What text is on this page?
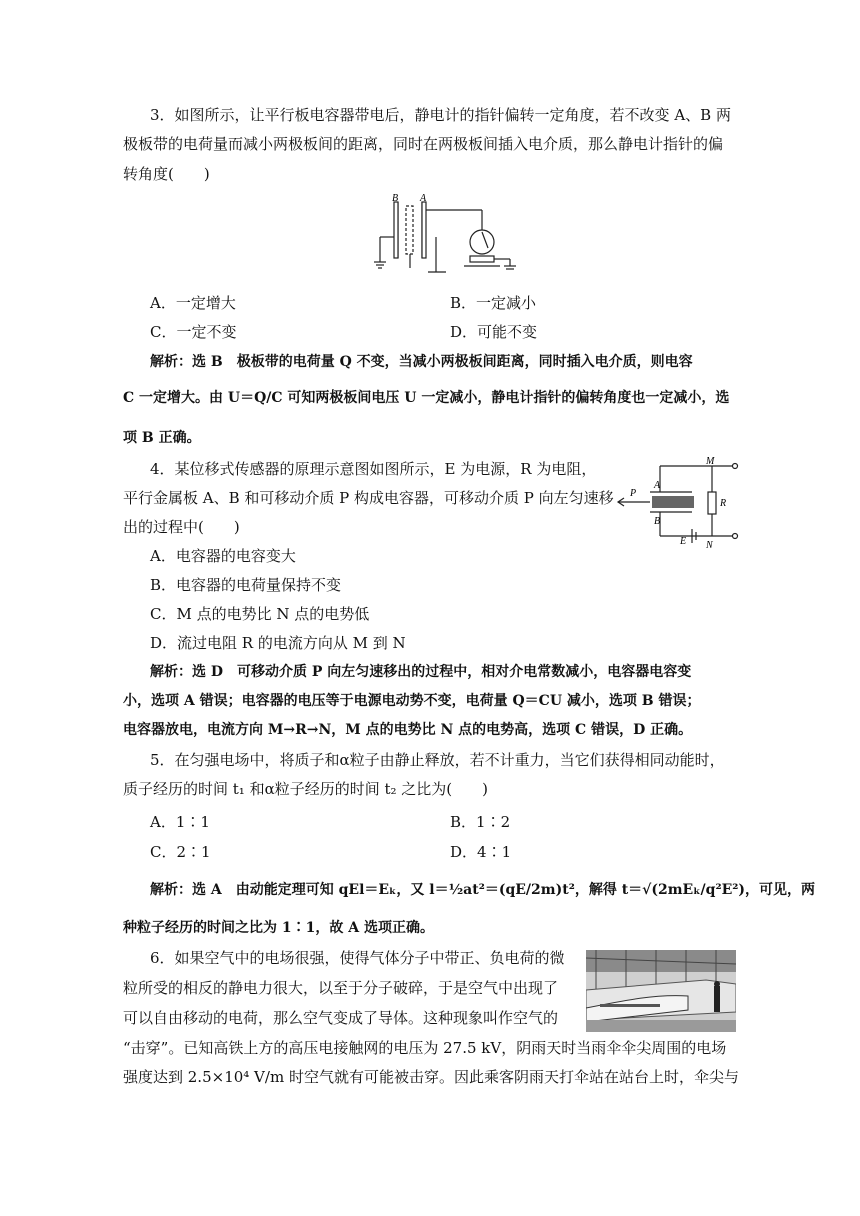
3．如图所示，让平行板电容器带电后，静电计的指针偏转一定角度，若不改变 A、B 两
极板带的电荷量而减小两极板间的距离，同时在两极板间插入电介质，那么静电计指针的偏
转角度(　　)
B A
A．一定增大	B．一定减小
C．一定不变	D．可能不变
解析：选 B　极板带的电荷量 Q 不变，当减小两极板间距离，同时插入电介质，则电容
C 一定增大。由 U＝Q/C 可知两极板间电压 U 一定减小，静电计指针的偏转角度也一定减小，选
项 B 正确。
4．某位移式传感器的原理示意图如图所示，E 为电源，R 为电阻，
平行金属板 A、B 和可移动介质 P 构成电容器，可移动介质 P 向左匀速移
出的过程中(　　)
M
N
R
A
B
P
E
A．电容器的电容变大
B．电容器的电荷量保持不变
C．M 点的电势比 N 点的电势低
D．流过电阻 R 的电流方向从 M 到 N
解析：选 D　可移动介质 P 向左匀速移出的过程中，相对介电常数减小，电容器电容变
小，选项 A 错误；电容器的电压等于电源电动势不变，电荷量 Q＝CU 减小，选项 B 错误；
电容器放电，电流方向 M→R→N，M 点的电势比 N 点的电势高，选项 C 错误，D 正确。
5．在匀强电场中，将质子和α粒子由静止释放，若不计重力，当它们获得相同动能时，
质子经历的时间 t₁ 和α粒子经历的时间 t₂ 之比为(　　)
A．1∶1	B．1∶2
C．2∶1	D．4∶1
解析：选 A　由动能定理可知 qEl＝Eₖ，又 l＝½at²＝(qE/2m)t²，解得 t＝√(2mEₖ/q²E²)，可见，两
种粒子经历的时间之比为 1∶1，故 A 选项正确。
6．如果空气中的电场很强，使得气体分子中带正、负电荷的微
粒所受的相反的静电力很大，以至于分子破碎，于是空气中出现了
可以自由移动的电荷，那么空气变成了导体。这种现象叫作空气的
“击穿”。已知高铁上方的高压电接触网的电压为 27.5 kV，阴雨天时当雨伞伞尖周围的电场
强度达到 2.5×10⁴ V/m 时空气就有可能被击穿。因此乘客阴雨天打伞站在站台上时，伞尖与
